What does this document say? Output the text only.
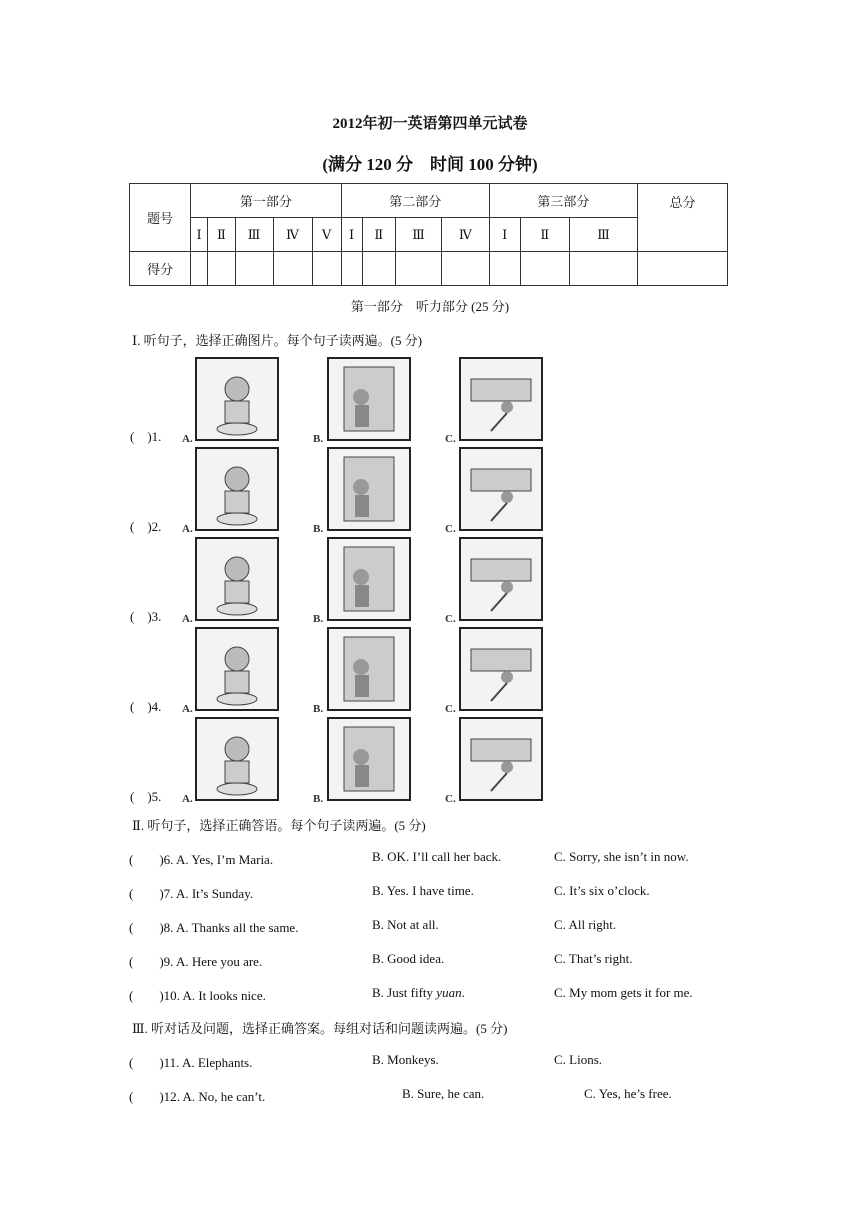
2012年初一英语第四单元试卷
(满分 120 分　时间 100 分钟)
题号	第一部分					第二部分				第三部分			总分
	Ⅰ	Ⅱ	Ⅲ	Ⅳ	Ⅴ	Ⅰ	Ⅱ	Ⅲ	Ⅳ	Ⅰ	Ⅱ	Ⅲ	
得分													
第一部分　听力部分 (25 分)
Ⅰ. 听句子，选择正确图片。每个句子读两遍。(5 分)
(　)1. A.	B.	C.
(　)2. A.	B.	C.
(　)3. A.	B.	C.
(　)4. A.	B.	C.
(　)5. A.	B.	C.
Ⅱ. 听句子，选择正确答语。每个句子读两遍。(5 分)
(　　)6. A. Yes, I’m Maria.	B. OK. I’ll call her back.	C. Sorry, she isn’t in now.
(　　)7. A. It’s Sunday.	B. Yes. I have time.	C. It’s six o’clock.
(　　)8. A. Thanks all the same.	B. Not at all.	C. All right.
(　　)9. A. Here you are.	B. Good idea.	C. That’s right.
(　　)10. A. It looks nice.	B. Just fifty yuan.	C. My mom gets it for me.
Ⅲ. 听对话及问题，选择正确答案。每组对话和问题读两遍。(5 分)
(　　)11. A. Elephants.	B. Monkeys.	C. Lions.
(　　)12. A. No, he can’t.	B. Sure, he can.	C. Yes, he’s free.
